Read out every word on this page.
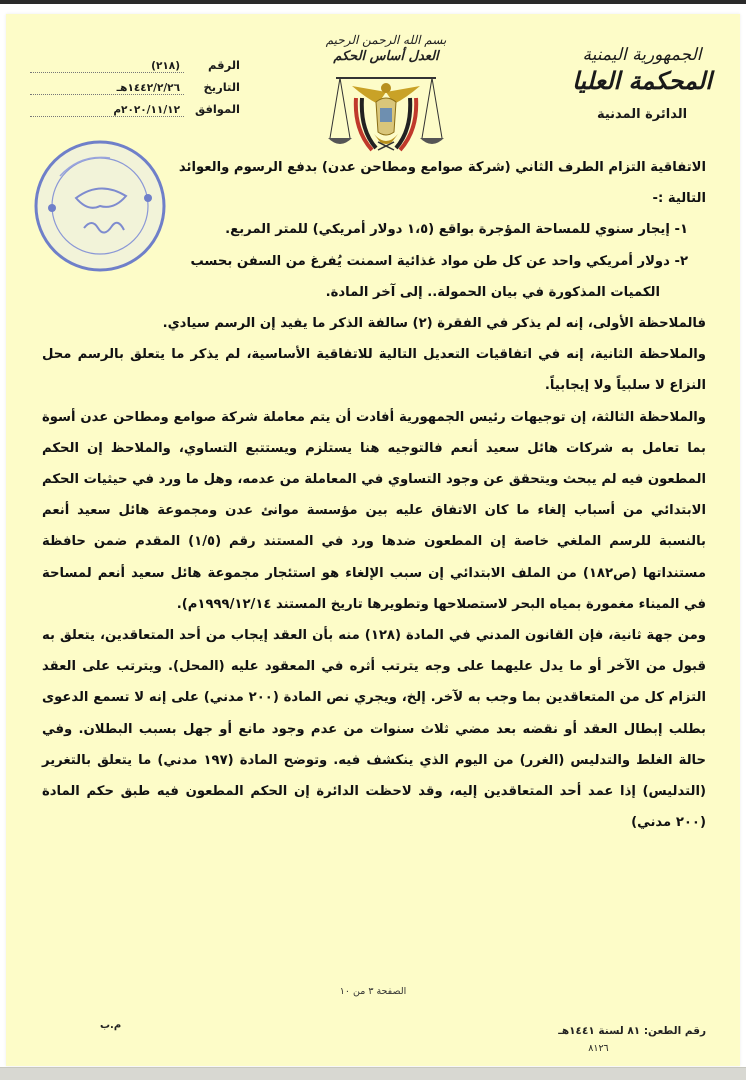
الجمهورية اليمنية
المحكمة العليا
الدائرة المدنية
بسم الله الرحمن الرحيم
العدل أساس الحكم
الرقم
(٢١٨)
التاريخ
١٤٤٢/٢/٢٦هـ
الموافق
٢٠٢٠/١١/١٢م

الاتفاقية التزام الطرف الثاني (شركة صوامع ومطاحن عدن) بدفع الرسوم والعوائد

التالية :-

١- إيجار سنوي للمساحة المؤجرة بواقع (١،٥ دولار أمريكي) للمتر المربع.

٢- دولار أمريكي واحد عن كل طن مواد غذائية اسمنت يُفرغ من السفن بحسب

الكميات المذكورة في بيان الحمولة.. إلى آخر المادة.

فالملاحظة الأولى، إنه لم يذكر في الفقرة (٢) سالفة الذكر ما يفيد إن الرسم سيادي.

والملاحظة الثانية، إنه في اتفاقيات التعديل التالية للاتفاقية الأساسية، لم يذكر ما يتعلق بالرسم محل النزاع لا سلبياً ولا إيجابياً.

والملاحظة الثالثة، إن توجيهات رئيس الجمهورية أفادت أن يتم معاملة شركة صوامع ومطاحن عدن أسوة بما تعامل به شركات هائل سعيد أنعم فالتوجيه هنا يستلزم ويستتبع التساوي، والملاحظ إن الحكم المطعون فيه لم يبحث ويتحقق عن وجود التساوي في المعاملة من عدمه، وهل ما ورد في حيثيات الحكم الابتدائي من أسباب إلغاء ما كان الاتفاق عليه بين مؤسسة موانئ عدن ومجموعة هائل سعيد أنعم بالنسبة للرسم الملغي خاصة إن المطعون ضدها ورد في المستند رقم (١/٥) المقدم ضمن حافظة مستنداتها (ص١٨٢) من الملف الابتدائي إن سبب الإلغاء هو استئجار مجموعة هائل سعيد أنعم لمساحة في الميناء مغمورة بمياه البحر لاستصلاحها وتطويرها تاريخ المستند ١٩٩٩/١٢/١٤م).

ومن جهة ثانية، فإن القانون المدني في المادة (١٢٨) منه بأن العقد إيجاب من أحد المتعاقدين، يتعلق به قبول من الآخر أو ما يدل عليهما على وجه يترتب أثره في المعقود عليه (المحل). ويترتب على العقد التزام كل من المتعاقدين بما وجب به لآخر. إلخ، ويجري نص المادة (٢٠٠ مدني) على إنه لا تسمع الدعوى بطلب إبطال العقد أو نقضه بعد مضي ثلاث سنوات من عدم وجود مانع أو جهل بسبب البطلان. وفي حالة الغلط والتدليس (الغرر) من اليوم الذي ينكشف فيه. وتوضح المادة (١٩٧ مدني) ما يتعلق بالتغرير (التدليس) إذا عمد أحد المتعاقدين إليه، وقد لاحظت الدائرة إن الحكم المطعون فيه طبق حكم المادة (٢٠٠ مدني)

الصفحة ٣ من ١٠
م.ب	رقم الطعن: ٨١ لسنة ١٤٤١هـ
٨١٢٦
